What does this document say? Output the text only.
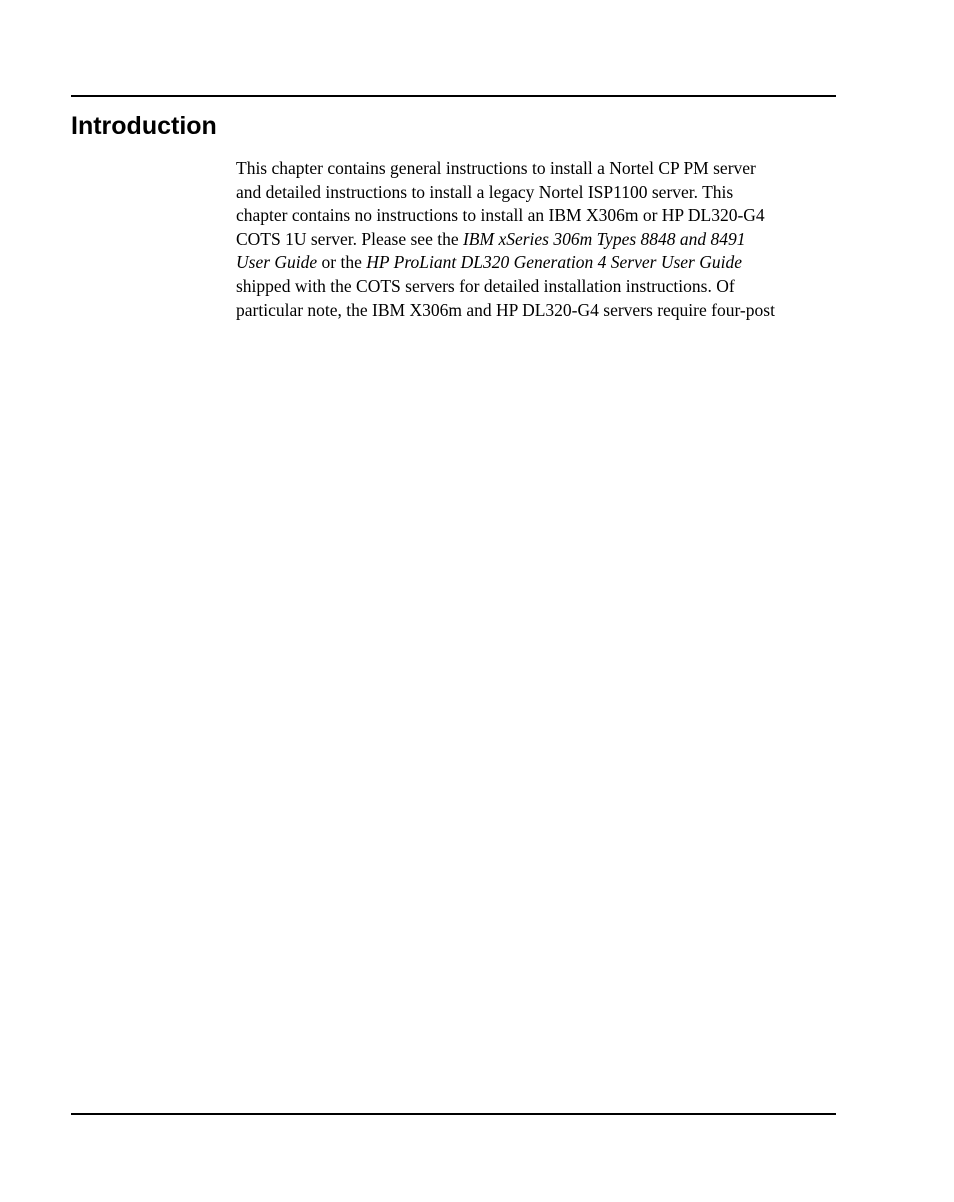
Introduction
This chapter contains general instructions to install a Nortel CP PM server
and detailed instructions to install a legacy Nortel ISP1100 server. This
chapter contains no instructions to install an IBM X306m or HP DL320-G4
COTS 1U server. Please see the IBM xSeries 306m Types 8848 and 8491
User Guide or the HP ProLiant DL320 Generation 4 Server User Guide
shipped with the COTS servers for detailed installation instructions. Of
particular note, the IBM X306m and HP DL320-G4 servers require four-post
